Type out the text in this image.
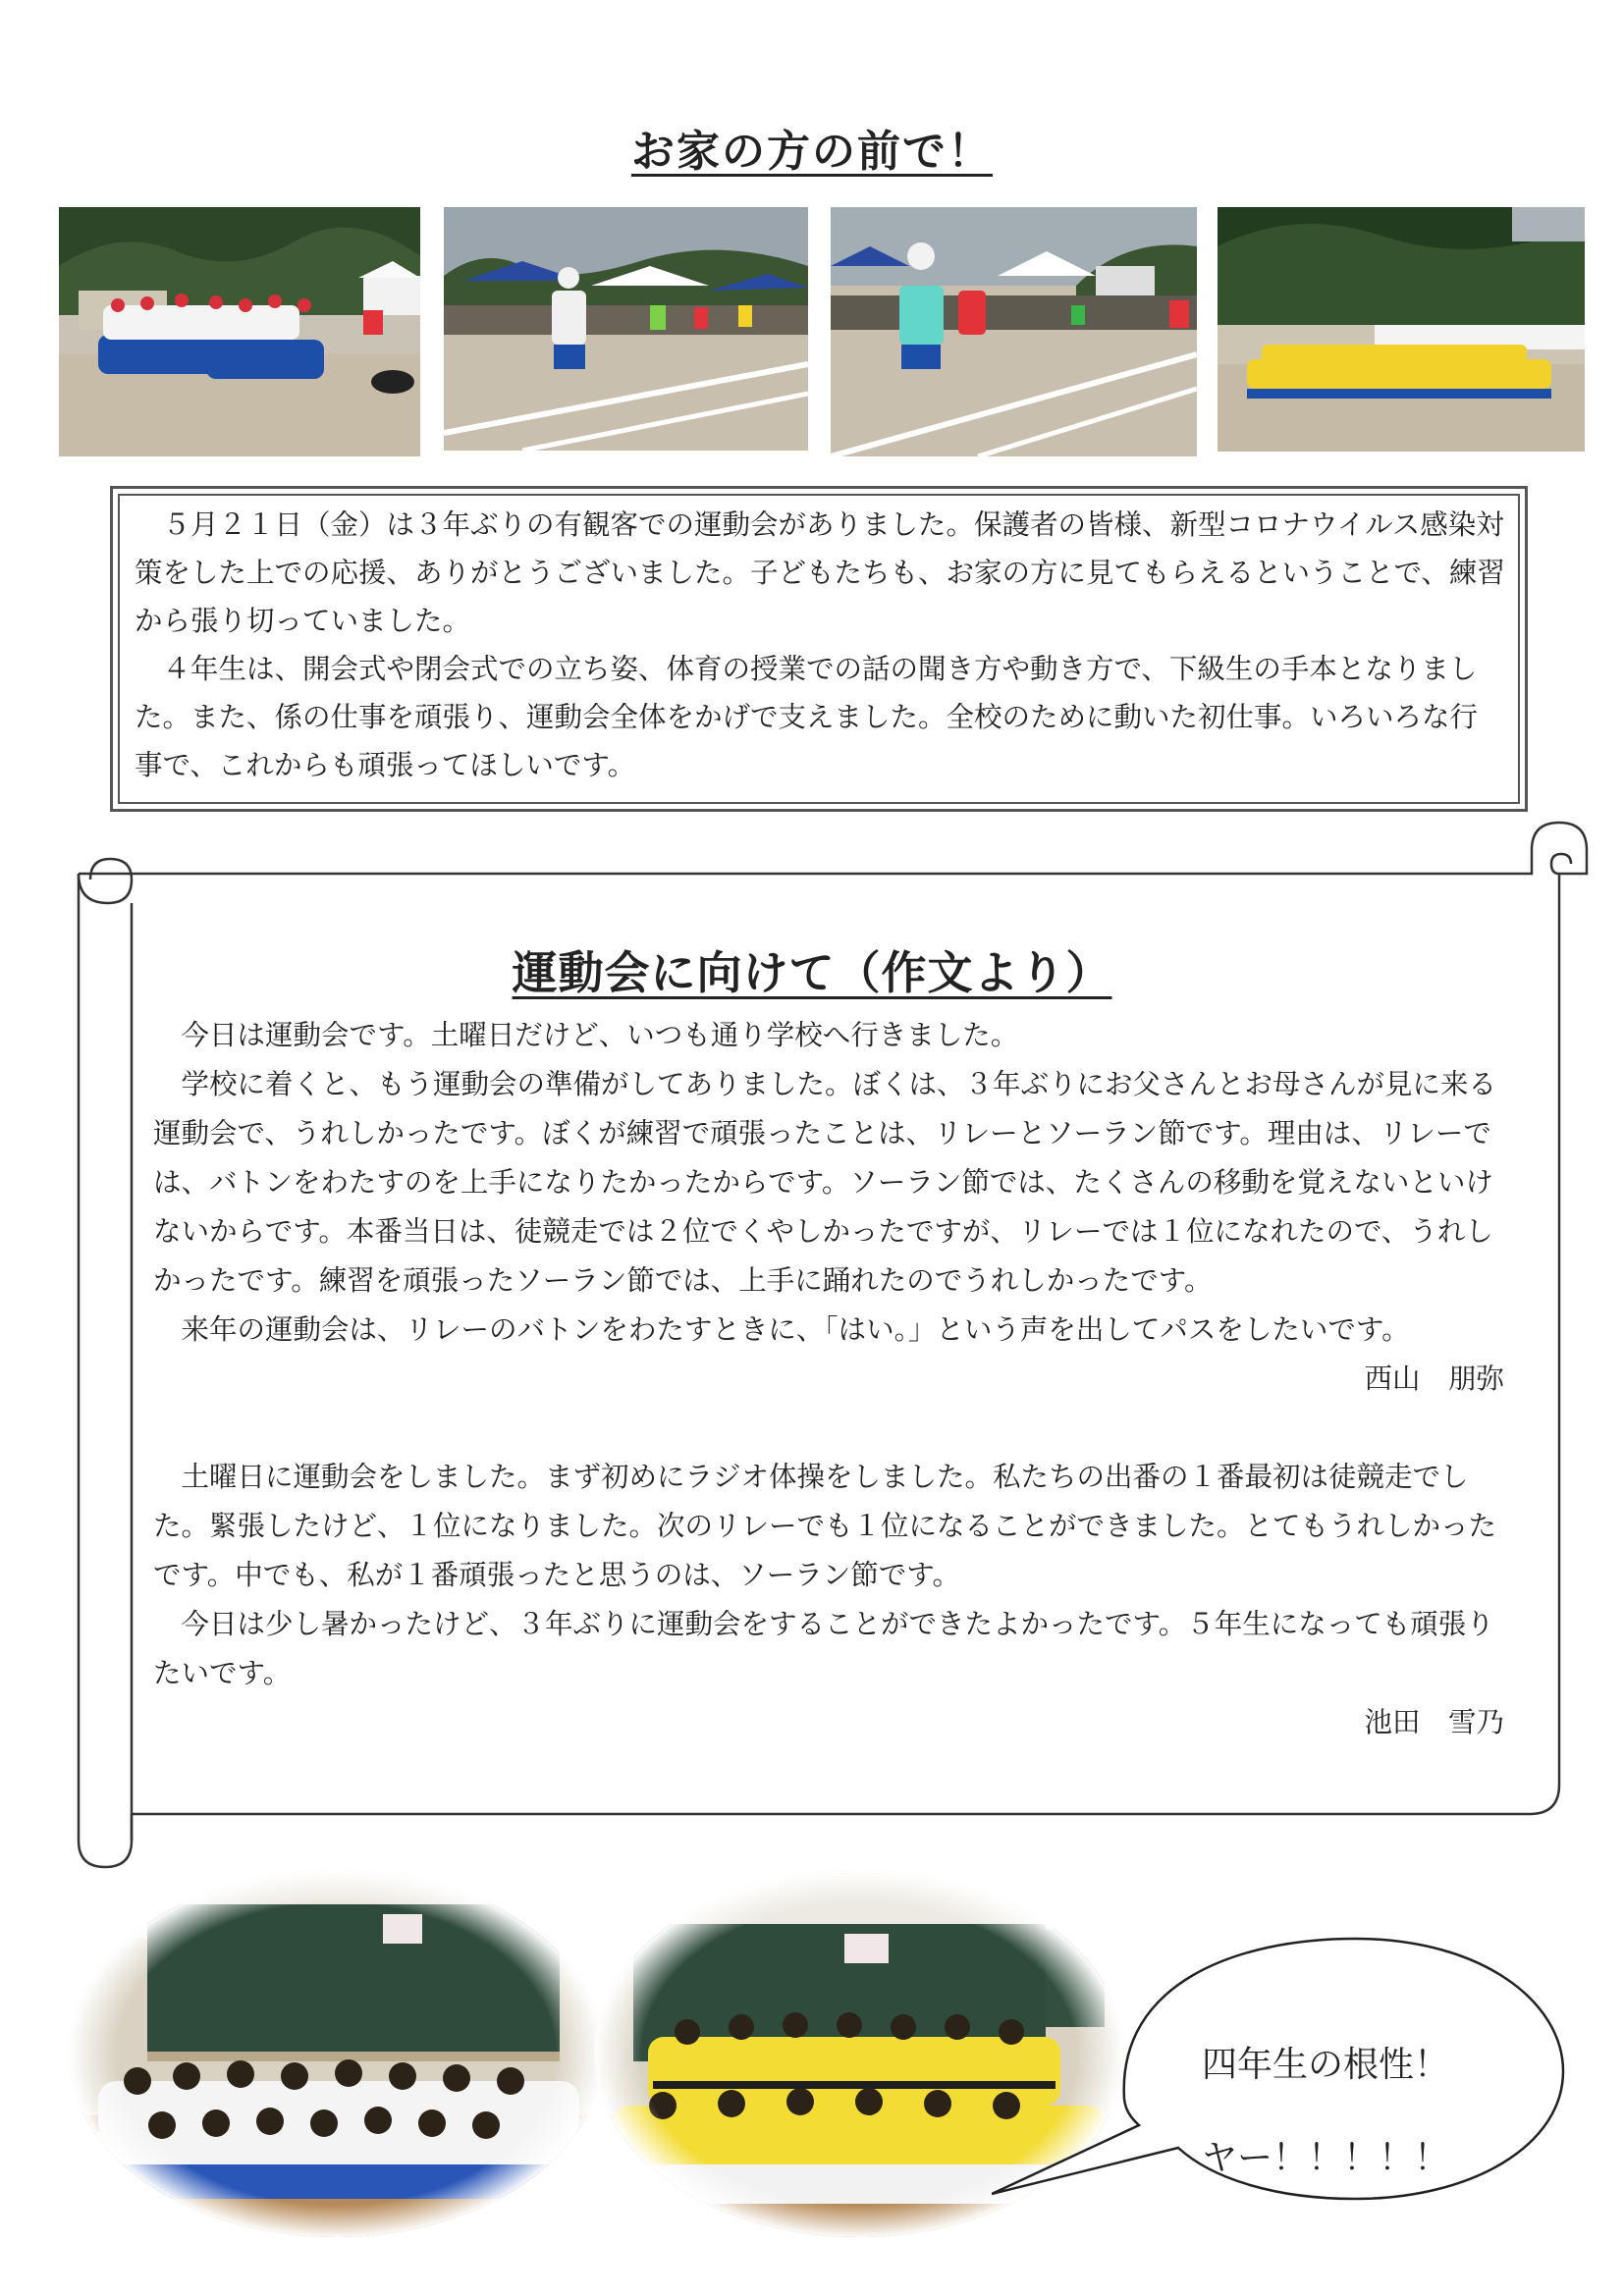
お家の方の前で！

５月２１日（金）は３年ぶりの有観客での運動会がありました。保護者の皆様、新型コロナウイルス感染対策をした上での応援、ありがとうございました。子どもたちも、お家の方に見てもらえるということで、練習から張り切っていました。

４年生は、開会式や閉会式での立ち姿、体育の授業での話の聞き方や動き方で、下級生の手本となりました。また、係の仕事を頑張り、運動会全体をかげで支えました。全校のために動いた初仕事。いろいろな行事で、これからも頑張ってほしいです。

運動会に向けて（作文より）

今日は運動会です。土曜日だけど、いつも通り学校へ行きました。

学校に着くと、もう運動会の準備がしてありました。ぼくは、３年ぶりにお父さんとお母さんが見に来る運動会で、うれしかったです。ぼくが練習で頑張ったことは、リレーとソーラン節です。理由は、リレーでは、バトンをわたすのを上手になりたかったからです。ソーラン節では、たくさんの移動を覚えないといけないからです。本番当日は、徒競走では２位でくやしかったですが、リレーでは１位になれたので、うれしかったです。練習を頑張ったソーラン節では、上手に踊れたのでうれしかったです。

来年の運動会は、リレーのバトンをわたすときに、「はい。」という声を出してパスをしたいです。

西山　朋弥

土曜日に運動会をしました。まず初めにラジオ体操をしました。私たちの出番の１番最初は徒競走でした。緊張したけど、１位になりました。次のリレーでも１位になることができました。とてもうれしかったです。中でも、私が１番頑張ったと思うのは、ソーラン節です。

今日は少し暑かったけど、３年ぶりに運動会をすることができたよかったです。５年生になっても頑張りたいです。

池田　雪乃

四年生の根性！
ヤー！！！！！
